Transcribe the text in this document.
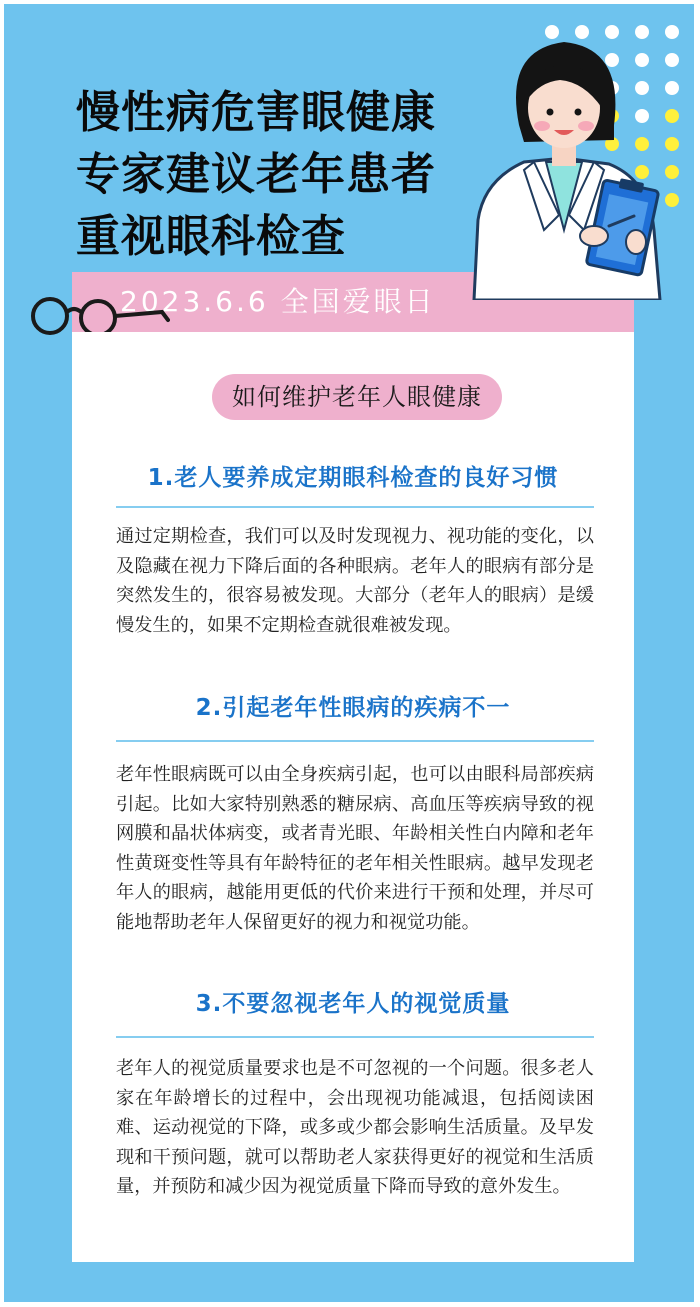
慢性病危害眼健康
专家建议老年患者
重视眼科检查
2023.6.6 全国爱眼日
如何维护老年人眼健康
1.老人要养成定期眼科检查的良好习惯

通过定期检查，我们可以及时发现视力、视功能的变化，以及隐藏在视力下降后面的各种眼病。老年人的眼病有部分是突然发生的，很容易被发现。大部分（老年人的眼病）是缓慢发生的，如果不定期检查就很难被发现。

2.引起老年性眼病的疾病不一

老年性眼病既可以由全身疾病引起，也可以由眼科局部疾病引起。比如大家特别熟悉的糖尿病、高血压等疾病导致的视网膜和晶状体病变，或者青光眼、年龄相关性白内障和老年性黄斑变性等具有年龄特征的老年相关性眼病。越早发现老年人的眼病，越能用更低的代价来进行干预和处理，并尽可能地帮助老年人保留更好的视力和视觉功能。

3.不要忽视老年人的视觉质量

老年人的视觉质量要求也是不可忽视的一个问题。很多老人家在年龄增长的过程中，会出现视功能减退，包括阅读困难、运动视觉的下降，或多或少都会影响生活质量。及早发现和干预问题，就可以帮助老人家获得更好的视觉和生活质量，并预防和减少因为视觉质量下降而导致的意外发生。
